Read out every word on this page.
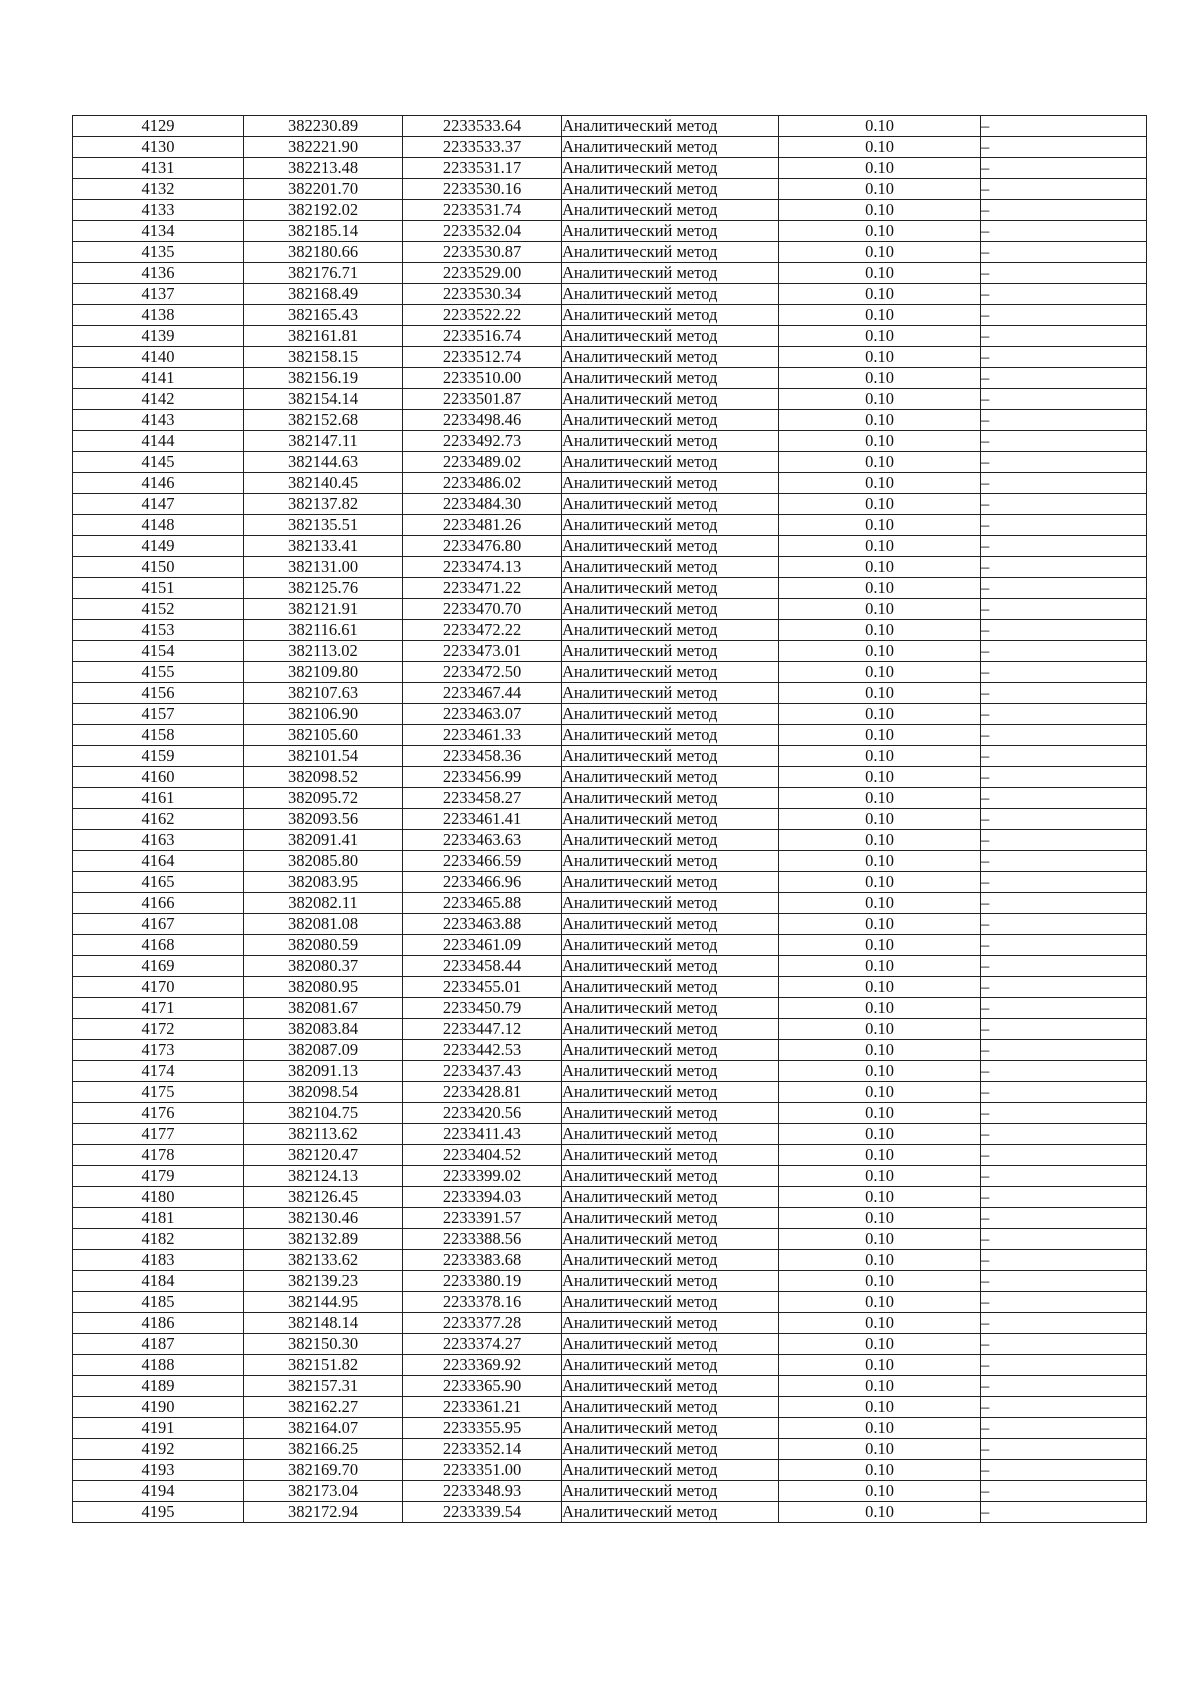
4129	382230.89	2233533.64	Аналитический метод	0.10	–
4130	382221.90	2233533.37	Аналитический метод	0.10	–
4131	382213.48	2233531.17	Аналитический метод	0.10	–
4132	382201.70	2233530.16	Аналитический метод	0.10	–
4133	382192.02	2233531.74	Аналитический метод	0.10	–
4134	382185.14	2233532.04	Аналитический метод	0.10	–
4135	382180.66	2233530.87	Аналитический метод	0.10	–
4136	382176.71	2233529.00	Аналитический метод	0.10	–
4137	382168.49	2233530.34	Аналитический метод	0.10	–
4138	382165.43	2233522.22	Аналитический метод	0.10	–
4139	382161.81	2233516.74	Аналитический метод	0.10	–
4140	382158.15	2233512.74	Аналитический метод	0.10	–
4141	382156.19	2233510.00	Аналитический метод	0.10	–
4142	382154.14	2233501.87	Аналитический метод	0.10	–
4143	382152.68	2233498.46	Аналитический метод	0.10	–
4144	382147.11	2233492.73	Аналитический метод	0.10	–
4145	382144.63	2233489.02	Аналитический метод	0.10	–
4146	382140.45	2233486.02	Аналитический метод	0.10	–
4147	382137.82	2233484.30	Аналитический метод	0.10	–
4148	382135.51	2233481.26	Аналитический метод	0.10	–
4149	382133.41	2233476.80	Аналитический метод	0.10	–
4150	382131.00	2233474.13	Аналитический метод	0.10	–
4151	382125.76	2233471.22	Аналитический метод	0.10	–
4152	382121.91	2233470.70	Аналитический метод	0.10	–
4153	382116.61	2233472.22	Аналитический метод	0.10	–
4154	382113.02	2233473.01	Аналитический метод	0.10	–
4155	382109.80	2233472.50	Аналитический метод	0.10	–
4156	382107.63	2233467.44	Аналитический метод	0.10	–
4157	382106.90	2233463.07	Аналитический метод	0.10	–
4158	382105.60	2233461.33	Аналитический метод	0.10	–
4159	382101.54	2233458.36	Аналитический метод	0.10	–
4160	382098.52	2233456.99	Аналитический метод	0.10	–
4161	382095.72	2233458.27	Аналитический метод	0.10	–
4162	382093.56	2233461.41	Аналитический метод	0.10	–
4163	382091.41	2233463.63	Аналитический метод	0.10	–
4164	382085.80	2233466.59	Аналитический метод	0.10	–
4165	382083.95	2233466.96	Аналитический метод	0.10	–
4166	382082.11	2233465.88	Аналитический метод	0.10	–
4167	382081.08	2233463.88	Аналитический метод	0.10	–
4168	382080.59	2233461.09	Аналитический метод	0.10	–
4169	382080.37	2233458.44	Аналитический метод	0.10	–
4170	382080.95	2233455.01	Аналитический метод	0.10	–
4171	382081.67	2233450.79	Аналитический метод	0.10	–
4172	382083.84	2233447.12	Аналитический метод	0.10	–
4173	382087.09	2233442.53	Аналитический метод	0.10	–
4174	382091.13	2233437.43	Аналитический метод	0.10	–
4175	382098.54	2233428.81	Аналитический метод	0.10	–
4176	382104.75	2233420.56	Аналитический метод	0.10	–
4177	382113.62	2233411.43	Аналитический метод	0.10	–
4178	382120.47	2233404.52	Аналитический метод	0.10	–
4179	382124.13	2233399.02	Аналитический метод	0.10	–
4180	382126.45	2233394.03	Аналитический метод	0.10	–
4181	382130.46	2233391.57	Аналитический метод	0.10	–
4182	382132.89	2233388.56	Аналитический метод	0.10	–
4183	382133.62	2233383.68	Аналитический метод	0.10	–
4184	382139.23	2233380.19	Аналитический метод	0.10	–
4185	382144.95	2233378.16	Аналитический метод	0.10	–
4186	382148.14	2233377.28	Аналитический метод	0.10	–
4187	382150.30	2233374.27	Аналитический метод	0.10	–
4188	382151.82	2233369.92	Аналитический метод	0.10	–
4189	382157.31	2233365.90	Аналитический метод	0.10	–
4190	382162.27	2233361.21	Аналитический метод	0.10	–
4191	382164.07	2233355.95	Аналитический метод	0.10	–
4192	382166.25	2233352.14	Аналитический метод	0.10	–
4193	382169.70	2233351.00	Аналитический метод	0.10	–
4194	382173.04	2233348.93	Аналитический метод	0.10	–
4195	382172.94	2233339.54	Аналитический метод	0.10	–
